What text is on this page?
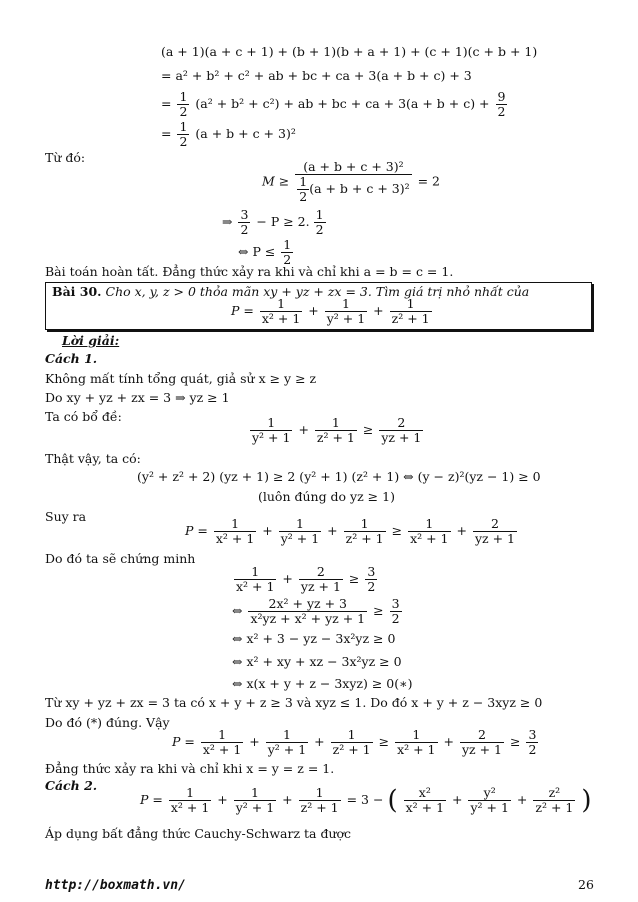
(a + 1)(a + c + 1) + (b + 1)(b + a + 1) + (c + 1)(c + b + 1)
= a² + b² + c² + ab + bc + ca + 3(a + b + c) + 3
= $\frac{1}{2} (a^2 + b^2 + c^2)$ + ab + bc + ca + $3(a + b + c) + \frac{9}{2}$
= $\frac{1}{2} (a + b + c + 3)^2$
Từ đó:
$M \ge \frac{\text{(a + b + c + 3)²}}{\frac{1}{2} (a + b + c + 3)^2} = 2$
⇒ $\frac{3}{2} - P \ge 2$. $\frac{1}{2}$
⇔ $P \le \frac{1}{2}$
Bài toán hoàn tất. Đẳng thức xảy ra khi và chỉ khi a = b = c = 1.
Bài 30. Cho x, y, z > 0 thỏa mãn xy + yz + zx = 3. Tìm giá trị nhỏ nhất của
$P = \frac{1}{\text{x² + 1}} + \frac{1}{\text{y² + 1}} + \frac{1}{\text{z² + 1}}$
Lời giải:
Cách 1.
Không mất tính tổng quát, giả sử x ≥ y ≥ z
Do xy + yz + zx = 3 ⇒ yz ≥ 1
Ta có bổ đề:	$\frac{1}{\text{y² + 1}} + \frac{1}{\text{z² + 1}} \ge \frac{2}{yz + 1}$
Thật vậy, ta có:
(y² + z² + 2) (yz + 1) ≥ 2 (y² + 1) (z² + 1) ⇔ (y − z)²(yz − 1) ≥ 0
(luôn đúng do yz ≥ 1)
Suy ra
$P = \frac{1}{\text{x² + 1}} + \frac{1}{\text{y² + 1}} + \frac{1}{\text{z² + 1}} \ge \frac{1}{\text{x² + 1}} + \frac{2}{yz + 1}$
Do đó ta sẽ chứng minh
$\frac{1}{\text{x² + 1}} + \frac{2}{yz + 1} \ge \frac{3}{2}$
⇔ $\frac{\text{2x² + yz + 3}}{\text{x²yz + x² + yz + 1}} \ge \frac{3}{2}$
⇔ x² + 3 − yz − 3x²yz ≥ 0
⇔ x² + xy + xz − 3x²yz ≥ 0
⇔ x(x + y + z − 3xyz) ≥ 0(∗)
Từ xy + yz + zx = 3 ta có x + y + z ≥ 3 và xyz ≤ 1. Do đó x + y + z − 3xyz ≥ 0
Do đó (*) đúng. Vậy
$P = \frac{1}{\text{x² + 1}} + \frac{1}{\text{y² + 1}} + \frac{1}{\text{z² + 1}} \ge \frac{1}{\text{x² + 1}} + \frac{2}{yz + 1} \ge \frac{3}{2}$
Đẳng thức xảy ra khi và chỉ khi x = y = z = 1.
Cách 2.
$P = \frac{1}{\text{x² + 1}} + \frac{1}{\text{y² + 1}} + \frac{1}{\text{z² + 1}} = 3$ − ( $\frac{\text{x²}}{\text{x² + 1}} + \frac{\text{y²}}{\text{y² + 1}} + \frac{\text{z²}}{\text{z² + 1}}$ )
Áp dụng bất đẳng thức Cauchy-Schwarz ta được
http://boxmath.vn/	26
